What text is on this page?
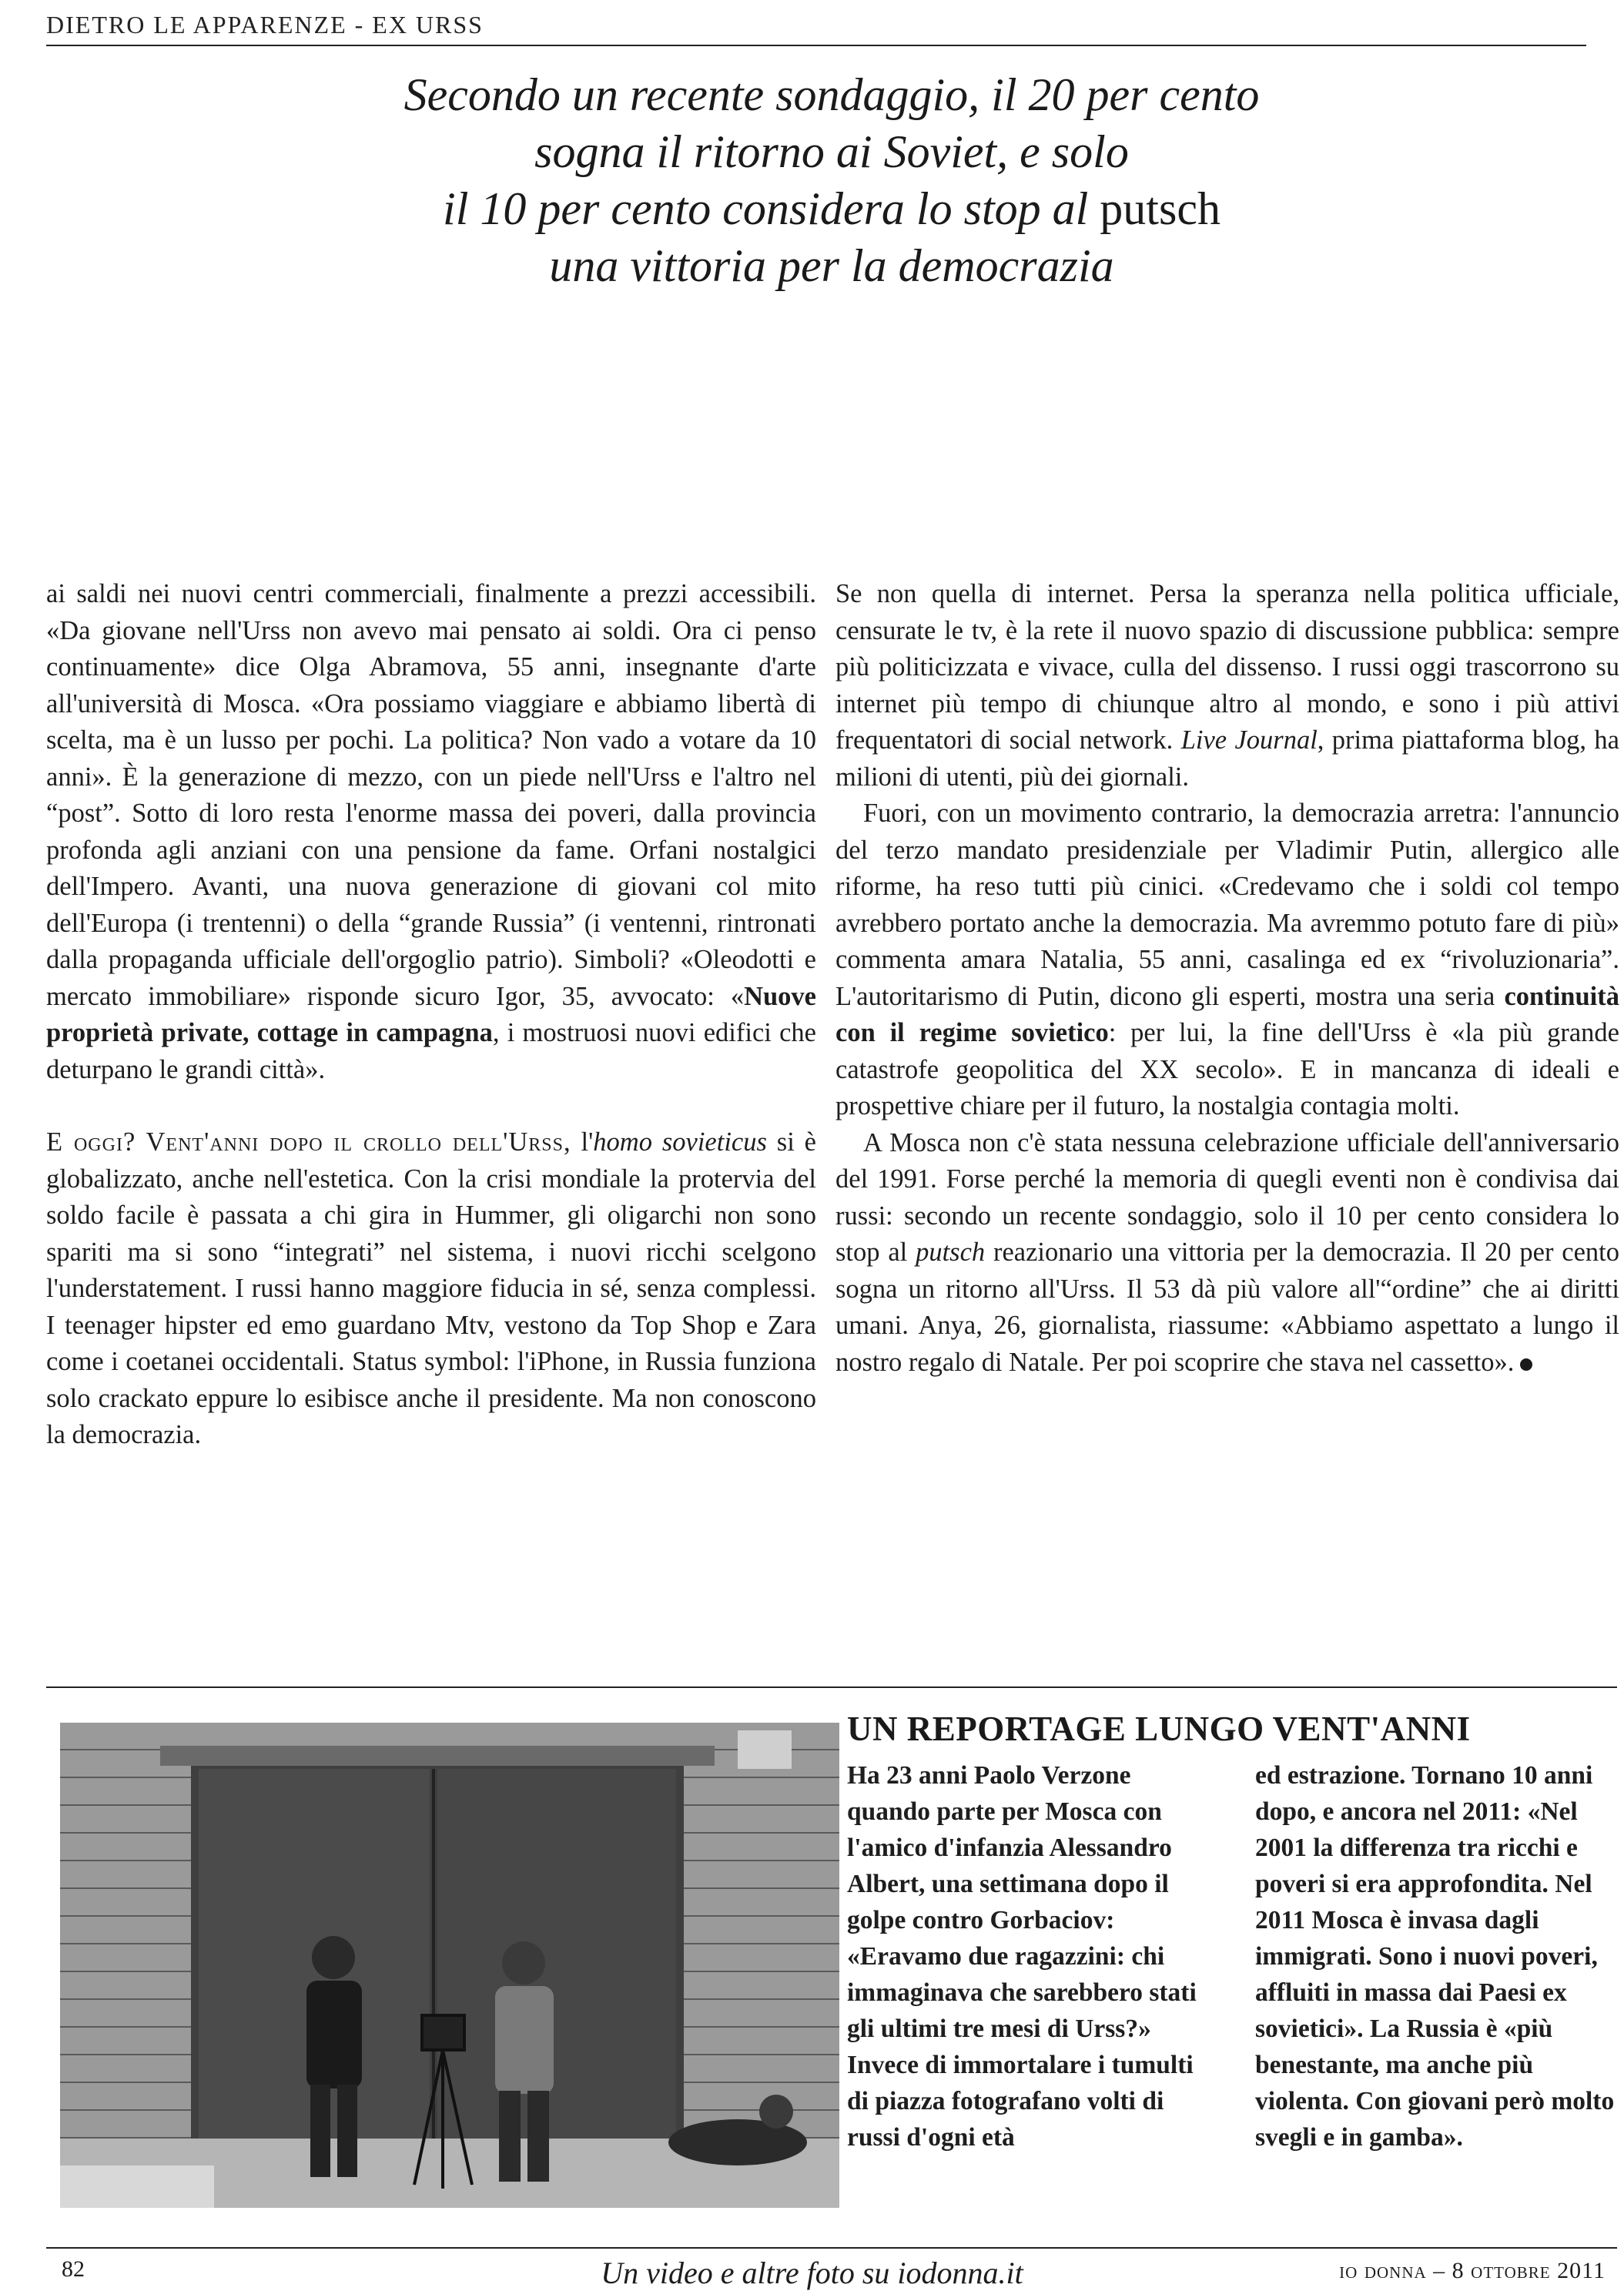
DIETRO LE APPARENZE - EX URSS
Secondo un recente sondaggio, il 20 per cento
sogna il ritorno ai Soviet, e solo
il 10 per cento considera lo stop al putsch
una vittoria per la democrazia

ai saldi nei nuovi centri commerciali, finalmente a prezzi accessibili. «Da giovane nell'Urss non avevo mai pensato ai soldi. Ora ci penso continuamente» dice Olga Abramova, 55 anni, insegnante d'arte all'università di Mosca. «Ora possiamo viaggiare e abbiamo libertà di scelta, ma è un lusso per pochi. La politica? Non vado a votare da 10 anni». È la generazione di mezzo, con un piede nell'Urss e l'altro nel “post”. Sotto di loro resta l'enorme massa dei poveri, dalla provincia profonda agli anziani con una pensione da fame. Orfani nostalgici dell'Impero. Avanti, una nuova generazione di giovani col mito dell'Europa (i trentenni) o della “grande Russia” (i ventenni, rintronati dalla propaganda ufficiale dell'orgoglio patrio). Simboli? «Oleodotti e mercato immobiliare» risponde sicuro Igor, 35, avvocato: «Nuove proprietà private, cottage in campagna, i mostruosi nuovi edifici che deturpano le grandi città».

E oggi? Vent'anni dopo il crollo dell'Urss, l'homo sovieticus si è globalizzato, anche nell'estetica. Con la crisi mondiale la protervia del soldo facile è passata a chi gira in Hummer, gli oligarchi non sono spariti ma si sono “integrati” nel sistema, i nuovi ricchi scelgono l'understatement. I russi hanno maggiore fiducia in sé, senza complessi. I teenager hipster ed emo guardano Mtv, vestono da Top Shop e Zara come i coetanei occidentali. Status symbol: l'iPhone, in Russia funziona solo crackato eppure lo esibisce anche il presidente. Ma non conoscono la democrazia.

Se non quella di internet. Persa la speranza nella politica ufficiale, censurate le tv, è la rete il nuovo spazio di discussione pubblica: sempre più politicizzata e vivace, culla del dissenso. I russi oggi trascorrono su internet più tempo di chiunque altro al mondo, e sono i più attivi frequentatori di social network. Live Journal, prima piattaforma blog, ha milioni di utenti, più dei giornali.

Fuori, con un movimento contrario, la democrazia arretra: l'annuncio del terzo mandato presidenziale per Vladimir Putin, allergico alle riforme, ha reso tutti più cinici. «Credevamo che i soldi col tempo avrebbero portato anche la democrazia. Ma avremmo potuto fare di più» commenta amara Natalia, 55 anni, casalinga ed ex “rivoluzionaria”. L'autoritarismo di Putin, dicono gli esperti, mostra una seria continuità con il regime sovietico: per lui, la fine dell'Urss è «la più grande catastrofe geopolitica del XX secolo». E in mancanza di ideali e prospettive chiare per il futuro, la nostalgia contagia molti.

A Mosca non c'è stata nessuna celebrazione ufficiale dell'anniversario del 1991. Forse perché la memoria di quegli eventi non è condivisa dai russi: secondo un recente sondaggio, solo il 10 per cento considera lo stop al putsch reazionario una vittoria per la democrazia. Il 20 per cento sogna un ritorno all'Urss. Il 53 dà più valore all'“ordine” che ai diritti umani. Anya, 26, giornalista, riassume: «Abbiamo aspettato a lungo il nostro regalo di Natale. Per poi scoprire che stava nel cassetto».

UN REPORTAGE LUNGO VENT'ANNI

Ha 23 anni Paolo Verzone quando parte per Mosca con l'amico d'infanzia Alessandro Albert, una settimana dopo il golpe contro Gorbaciov: «Eravamo due ragazzini: chi immaginava che sarebbero stati gli ultimi tre mesi di Urss?» Invece di immortalare i tumulti di piazza fotografano volti di russi d'ogni età

ed estrazione. Tornano 10 anni dopo, e ancora nel 2011: «Nel 2001 la differenza tra ricchi e poveri si era approfondita. Nel 2011 Mosca è invasa dagli immigrati. Sono i nuovi poveri, affluiti in massa dai Paesi ex sovietici». La Russia è «più benestante, ma anche più violenta. Con giovani però molto svegli e in gamba».

82	Un video e altre foto su iodonna.it	io donna – 8 ottobre 2011
